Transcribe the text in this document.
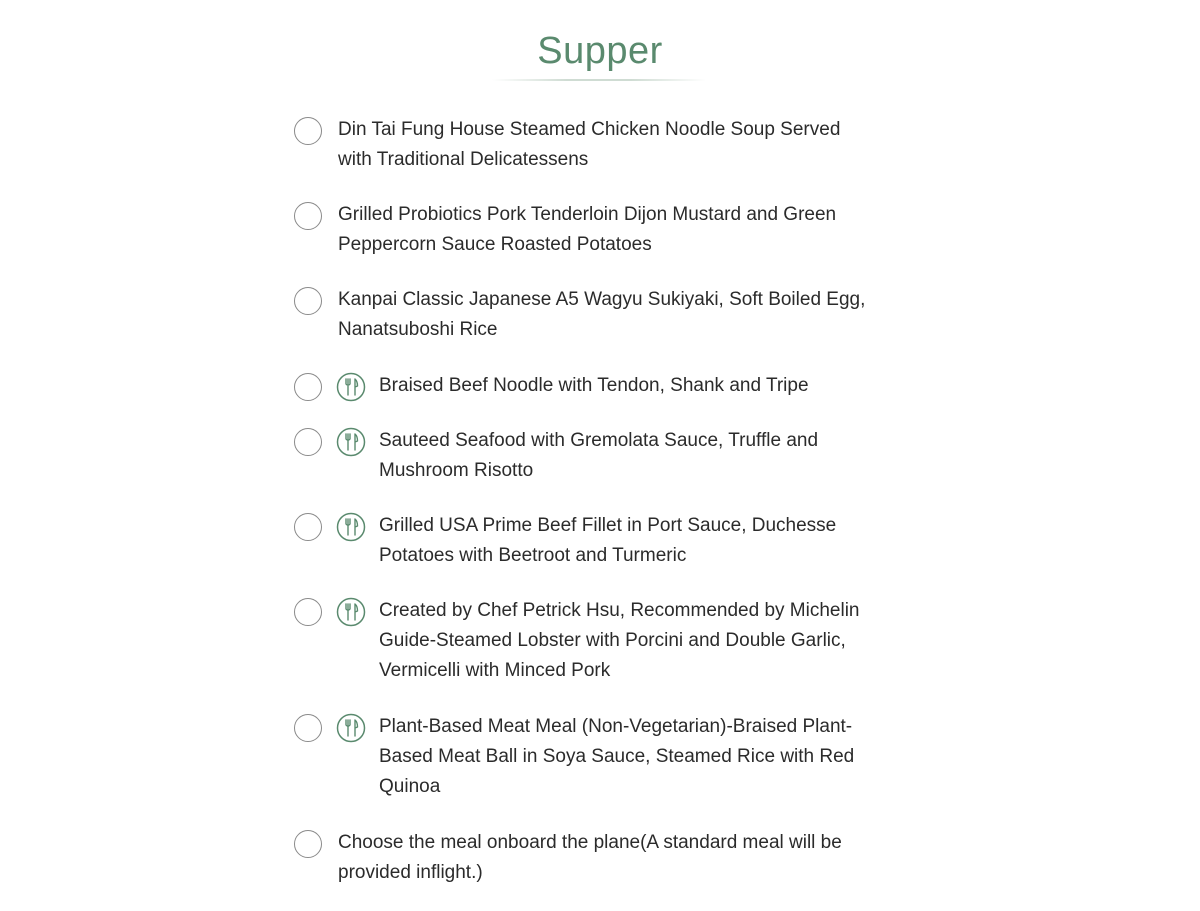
Supper
Din Tai Fung House Steamed Chicken Noodle Soup Served with Traditional Delicatessens
Grilled Probiotics Pork Tenderloin Dijon Mustard and Green Peppercorn Sauce Roasted Potatoes
Kanpai Classic Japanese A5 Wagyu Sukiyaki, Soft Boiled Egg, Nanatsuboshi Rice
Braised Beef Noodle with Tendon, Shank and Tripe
Sauteed Seafood with Gremolata Sauce, Truffle and Mushroom Risotto
Grilled USA Prime Beef Fillet in Port Sauce, Duchesse Potatoes with Beetroot and Turmeric
Created by Chef Petrick Hsu, Recommended by Michelin Guide-Steamed Lobster with Porcini and Double Garlic, Vermicelli with Minced Pork
Plant-Based Meat Meal (Non-Vegetarian)-Braised Plant-Based Meat Ball in Soya Sauce, Steamed Rice with Red Quinoa
Choose the meal onboard the plane(A standard meal will be provided inflight.)
